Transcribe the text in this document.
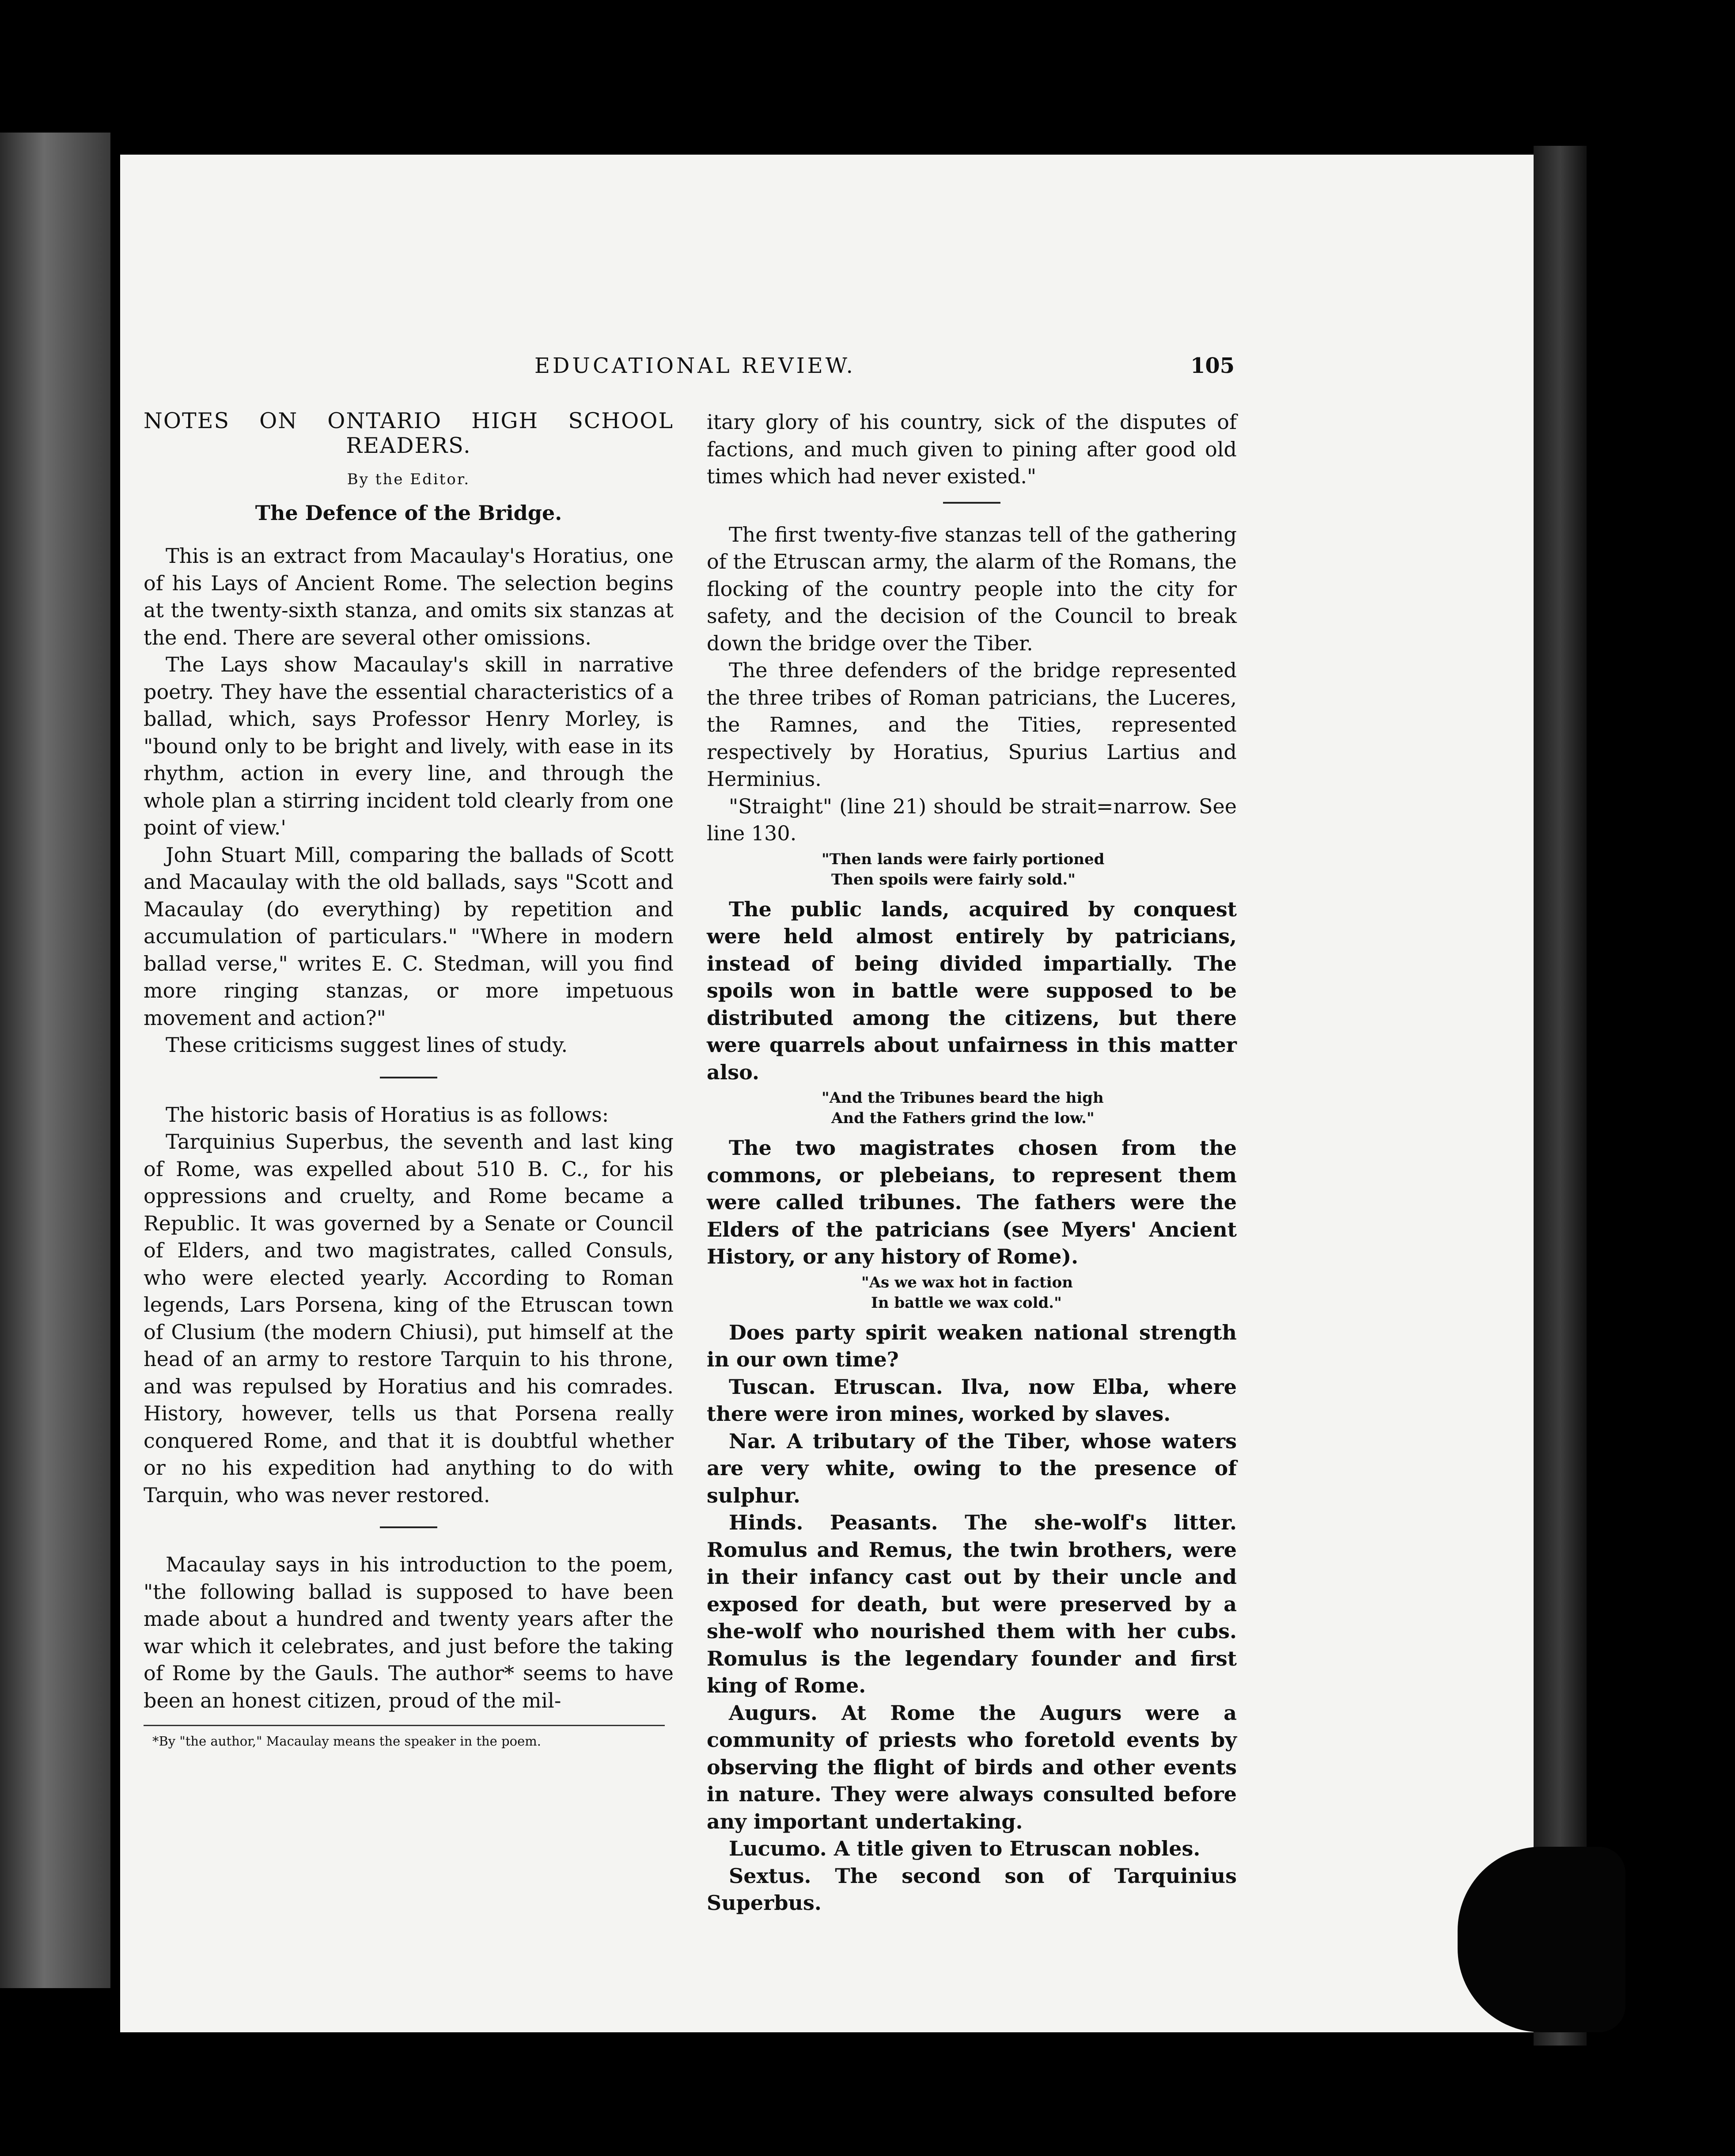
EDUCATIONAL REVIEW.	105

NOTES ON ONTARIO HIGH SCHOOL READERS.

By the Editor.

The Defence of the Bridge.

This is an extract from Macaulay's Horatius, one of his Lays of Ancient Rome. The selection begins at the twenty-sixth stanza, and omits six stanzas at the end. There are several other omissions.

The Lays show Macaulay's skill in narrative poetry. They have the essential characteristics of a ballad, which, says Professor Henry Morley, is "bound only to be bright and lively, with ease in its rhythm, action in every line, and through the whole plan a stirring incident told clearly from one point of view.'

John Stuart Mill, comparing the ballads of Scott and Macaulay with the old ballads, says "Scott and Macaulay (do everything) by repetition and accumulation of particulars." "Where in modern ballad verse," writes E. C. Stedman, will you find more ringing stanzas, or more impetuous movement and action?"

These criticisms suggest lines of study.

The historic basis of Horatius is as follows:

Tarquinius Superbus, the seventh and last king of Rome, was expelled about 510 B. C., for his oppressions and cruelty, and Rome became a Republic. It was governed by a Senate or Council of Elders, and two magistrates, called Consuls, who were elected yearly. According to Roman legends, Lars Porsena, king of the Etruscan town of Clusium (the modern Chiusi), put himself at the head of an army to restore Tarquin to his throne, and was repulsed by Horatius and his comrades. History, however, tells us that Porsena really conquered Rome, and that it is doubtful whether or no his expedition had anything to do with Tarquin, who was never restored.

Macaulay says in his introduction to the poem, "the following ballad is supposed to have been made about a hundred and twenty years after the war which it celebrates, and just before the taking of Rome by the Gauls. The author* seems to have been an honest citizen, proud of the mil-

*By "the author," Macaulay means the speaker in the poem.

itary glory of his country, sick of the disputes of factions, and much given to pining after good old times which had never existed."

The first twenty-five stanzas tell of the gathering of the Etruscan army, the alarm of the Romans, the flocking of the country people into the city for safety, and the decision of the Council to break down the bridge over the Tiber.

The three defenders of the bridge represented the three tribes of Roman patricians, the Luceres, the Ramnes, and the Tities, represented respectively by Horatius, Spurius Lartius and Herminius.

"Straight" (line 21) should be strait=narrow. See line 130.

"Then lands were fairly portioned
Then spoils were fairly sold."

The public lands, acquired by conquest were held almost entirely by patricians, instead of being divided impartially. The spoils won in battle were supposed to be distributed among the citizens, but there were quarrels about unfairness in this matter also.

"And the Tribunes beard the high
And the Fathers grind the low."

The two magistrates chosen from the commons, or plebeians, to represent them were called tribunes. The fathers were the Elders of the patricians (see Myers' Ancient History, or any history of Rome).

"As we wax hot in faction
In battle we wax cold."

Does party spirit weaken national strength in our own time?

Tuscan. Etruscan. Ilva, now Elba, where there were iron mines, worked by slaves.

Nar. A tributary of the Tiber, whose waters are very white, owing to the presence of sulphur.

Hinds. Peasants. The she-wolf's litter. Romulus and Remus, the twin brothers, were in their infancy cast out by their uncle and exposed for death, but were preserved by a she-wolf who nourished them with her cubs. Romulus is the legendary founder and first king of Rome.

Augurs. At Rome the Augurs were a community of priests who foretold events by observing the flight of birds and other events in nature. They were always consulted before any important undertaking.

Lucumo. A title given to Etruscan nobles.

Sextus. The second son of Tarquinius Superbus.
